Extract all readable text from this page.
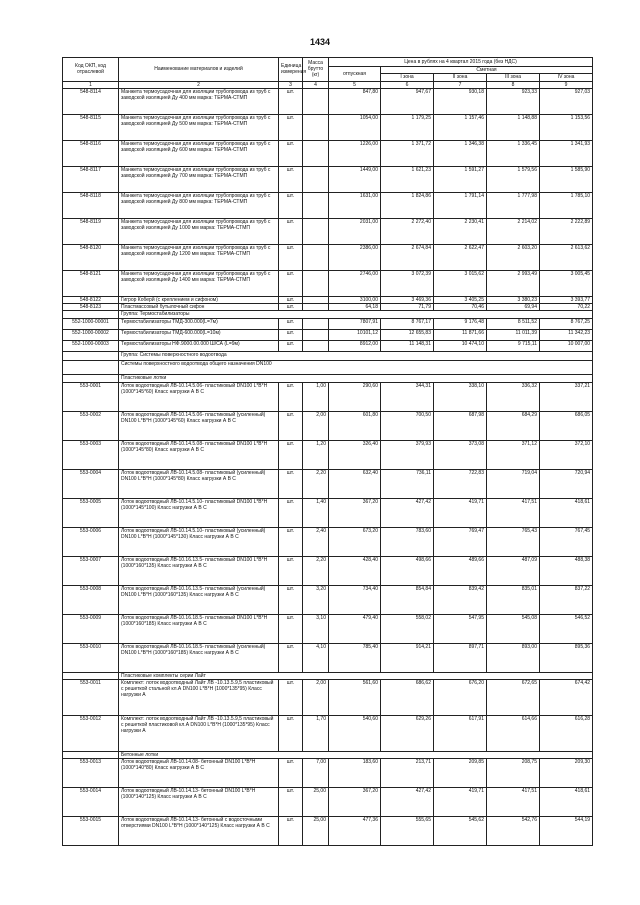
1434
Код ОКП, код отраслевой	Наименование материалов и изделий	Единица измерения	Масса брутто (кг)	Цена в рублях на 4 квартал 2015 года (без НДС)				
				отпускная	Сметная			
					I зона	II зона	III зона	IV зона
1	2	3	4	5	6	7	8	9
548-8114	Манжета термоусадочная для изоляции трубопровода из труб с заводской изоляцией Ду 400 мм марка: ТЕРМА-СТМП	шт.		847,80	947,67	930,18	923,33	927,03
548-8115	Манжета термоусадочная для изоляции трубопровода из труб с заводской изоляцией Ду 500 мм марка: ТЕРМА-СТМП	шт.		1054,00	1 179,25	1 157,46	1 148,88	1 153,56
548-8116	Манжета термоусадочная для изоляции трубопровода из труб с заводской изоляцией Ду 600 мм марка: ТЕРМА-СТМП	шт.		1226,00	1 371,72	1 346,38	1 336,45	1 341,93
548-8117	Манжета термоусадочная для изоляции трубопровода из труб с заводской изоляцией Ду 700 мм марка: ТЕРМА-СТМП	шт.		1449,00	1 621,23	1 591,27	1 579,56	1 585,90
548-8118	Манжета термоусадочная для изоляции трубопровода из труб с заводской изоляцией Ду 800 мм марка: ТЕРМА-СТМП	шт.		1631,00	1 824,86	1 791,14	1 777,98	1 785,10
548-8119	Манжета термоусадочная для изоляции трубопровода из труб с заводской изоляцией Ду 1000 мм марка: ТЕРМА-СТМП	шт.		2031,00	2 272,40	2 230,41	2 214,02	2 222,89
548-8120	Манжета термоусадочная для изоляции трубопровода из труб с заводской изоляцией Ду 1200 мм марка: ТЕРМА-СТМП	шт.		2386,00	2 674,84	2 622,47	2 603,20	2 613,62
548-8121	Манжета термоусадочная для изоляции трубопровода из труб с заводской изоляцией Ду 1400 мм марка: ТЕРМА-СТМП	шт.		2746,00	3 072,39	3 015,62	2 993,49	3 005,45
548-8122	Гигрор Коберй (с креплением и сифоном)	шт.		3100,00	3 469,36	3 405,25	3 380,23	3 393,77
548-8123	Пластмассовый бутылочный сифон	шт.		64,18	71,79	70,46	69,94	70,22
	Группа: Термостабилизаторы							
552-1000-00001	Термостабилизаторы ТМД-300.000(L=7м)	шт.		7807,91	8 767,17	9 176,48	8 511,52	8 767,25
552-1000-00002	Термостабилизаторы ТМД-600.000(L=10м)	шт.		10101,12	12 655,83	11 871,66	11 011,39	11 342,23
552-1000-00003	Термостабилизаторы НФ.9000.00.000 Ш/СА (L=9м)	шт.		8912,00	11 148,31	10 474,10	9 715,11	10 007,00
	Группа: Системы поверхностного водоотвода							
	Системы поверхностного водоотвода общего назначения DN100							
	Пластиковые лотки							
553-0001	Лоток водоотводный ЛВ-10.14.5.06- пластиковый DN100 L*B*H (1000*145*60) Класс нагрузки А В С	шт.	1,00	290,60	344,31	338,10	336,32	337,21
553-0002	Лоток водоотводный ЛВ-10.14.5.06- пластиковый (усиленный) DN100 L*B*H (1000*145*60) Класс нагрузки А В С	шт.	2,00	601,80	700,50	687,98	684,29	686,05
553-0003	Лоток водоотводный ЛВ-10.14.5.08- пластиковый DN100 L*B*H (1000*145*80) Класс нагрузки А В С	шт.	1,20	326,40	379,93	373,08	371,12	372,10
553-0004	Лоток водоотводный ЛВ-10.14.5.08- пластиковый (усиленный) DN100 L*B*H (1000*145*80) Класс нагрузки А В С	шт.	2,20	632,40	736,11	722,83	719,04	720,94
553-0005	Лоток водоотводный ЛВ-10.14.5.10- пластиковый DN100 L*B*H (1000*145*100) Класс нагрузки А В С	шт.	1,40	367,20	427,42	419,71	417,51	418,61
553-0006	Лоток водоотводный ЛВ-10.14.5.10- пластиковый (усиленный) DN100 L*B*H (1000*145*130) Класс нагрузки А В С	шт.	2,40	673,20	783,60	769,47	765,43	767,45
553-0007	Лоток водоотводный ЛВ-10.16.13.5- пластиковый DN100 L*B*H (1000*160*135) Класс нагрузки А В С	шт.	2,20	428,40	498,66	489,66	487,09	488,38
553-0008	Лоток водоотводный ЛВ-10.16.13.5- пластиковый (усиленный) DN100 L*B*H (1000*160*135) Класс нагрузки А В С	шт.	3,20	734,40	854,84	839,42	835,01	837,22
553-0009	Лоток водоотводный ЛВ-10.16.18.5- пластиковый DN100 L*B*H (1000*160*185) Класс нагрузки А В С	шт.	3,10	479,40	558,02	547,95	545,08	546,52
553-0010	Лоток водоотводный ЛВ-10.16.18.5- пластиковый (усиленный) DN100 L*B*H (1000*160*185) Класс нагрузки А В С	шт.	4,10	785,40	914,21	897,71	893,00	895,36
	Пластиковые комплекты серии Лайт							
553-0011	Комплект: лоток водоотводный Лайт ЛВ -10.13.5.9,5 пластиковый с решеткой стальной кл.А DN100 L*B*H (1000*135*95) Класс нагрузки А	шт.	2,00	561,60	686,62	676,20	672,65	674,42
553-0012	Комплект: лоток водоотводный Лайт ЛВ -10.13.5.9,5 пластиковый с решеткой пластиковой кл.А DN100 L*B*H (1000*135*95) Класс нагрузки А	шт.	1,70	540,60	629,26	617,91	614,66	616,28
	Бетонные лотки							
553-0013	Лоток водоотводный ЛВ-10.14.08- бетонный DN100 L*B*H (1000*140*80) Класс нагрузки А В С	шт.	7,00	183,60	213,71	209,85	208,75	209,30
553-0014	Лоток водоотводный ЛВ-10.14.13- бетонный DN100 L*B*H (1000*140*125) Класс нагрузки А В С	шт.	25,00	367,20	427,42	419,71	417,51	418,61
553-0015	Лоток водоотводный ЛВ-10.14.13- бетонный с водосточными отверстиями DN100 L*B*H (1000*140*125) Класс нагрузки А В С	шт.	25,00	477,36	555,65	545,62	542,76	544,19
